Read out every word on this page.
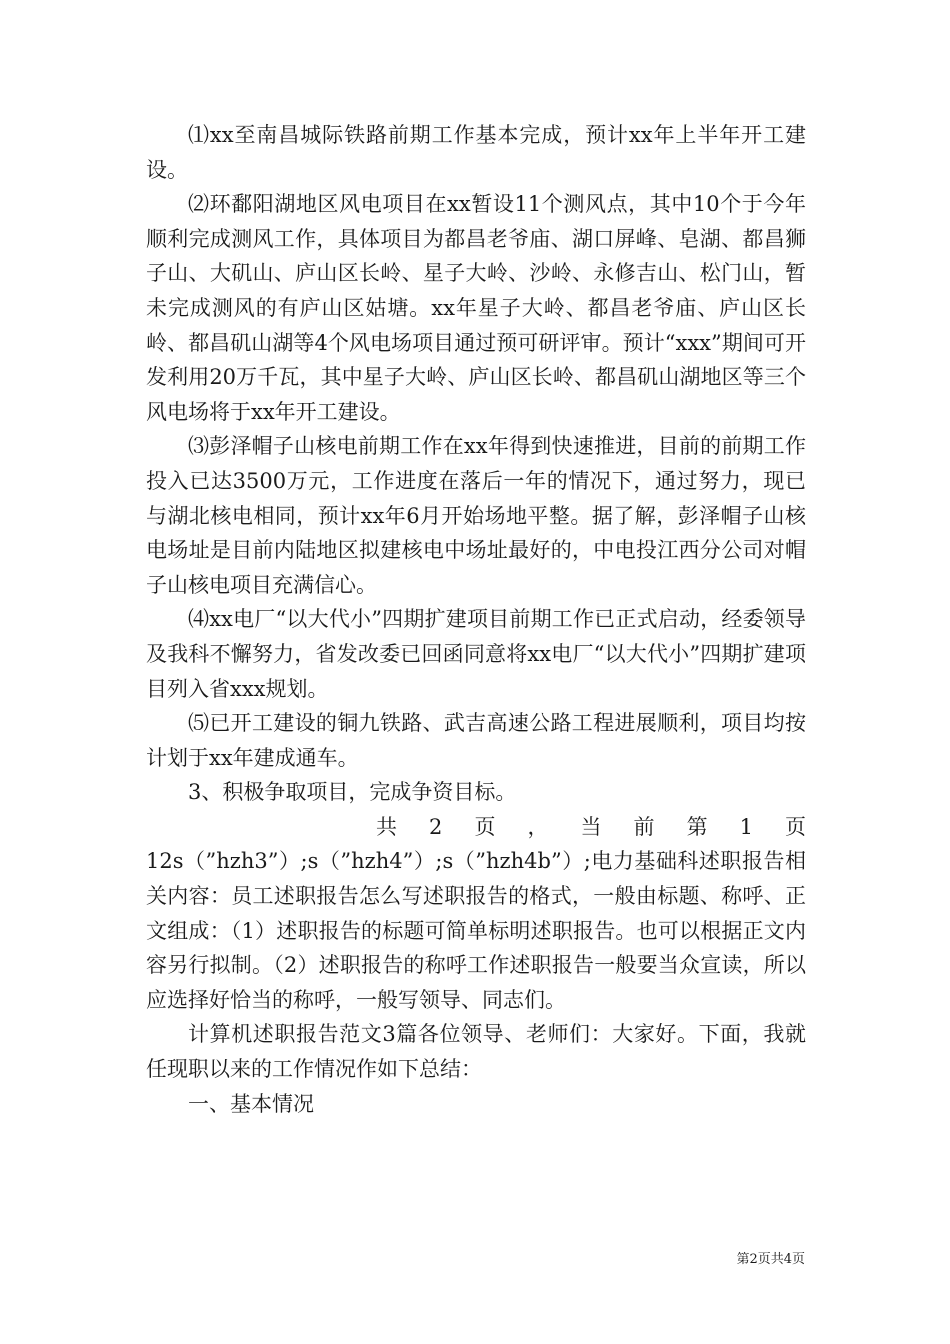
⑴xx至南昌城际铁路前期工作基本完成，预计xx年上半年开工建设。

⑵环鄱阳湖地区风电项目在xx暂设11个测风点，其中10个于今年顺利完成测风工作，具体项目为都昌老爷庙、湖口屏峰、皂湖、都昌狮子山、大矶山、庐山区长岭、星子大岭、沙岭、永修吉山、松门山，暂未完成测风的有庐山区姑塘。xx年星子大岭、都昌老爷庙、庐山区长岭、都昌矶山湖等4个风电场项目通过预可研评审。预计“xxx”期间可开发利用20万千瓦，其中星子大岭、庐山区长岭、都昌矶山湖地区等三个风电场将于xx年开工建设。

⑶彭泽帽子山核电前期工作在xx年得到快速推进，目前的前期工作投入已达3500万元，工作进度在落后一年的情况下，通过努力，现已与湖北核电相同，预计xx年6月开始场地平整。据了解，彭泽帽子山核电场址是目前内陆地区拟建核电中场址最好的，中电投江西分公司对帽子山核电项目充满信心。

⑷xx电厂“以大代小”四期扩建项目前期工作已正式启动，经委领导及我科不懈努力，省发改委已回函同意将xx电厂“以大代小”四期扩建项目列入省xxx规划。

⑸已开工建设的铜九铁路、武吉高速公路工程进展顺利，项目均按计划于xx年建成通车。

3、积极争取项目，完成争资目标。

共 2 页 ， 当 前 第 1 页

12s（”hzh3”）;s（”hzh4”）;s（”hzh4b”）;电力基础科述职报告相关内容：员工述职报告怎么写述职报告的格式，一般由标题、称呼、正文组成：（1）述职报告的标题可简单标明述职报告。也可以根据正文内容另行拟制。（2）述职报告的称呼工作述职报告一般要当众宣读，所以应选择好恰当的称呼，一般写领导、同志们。

计算机述职报告范文3篇各位领导、老师们：大家好。下面，我就任现职以来的工作情况作如下总结：

一、基本情况

第2页共4页
